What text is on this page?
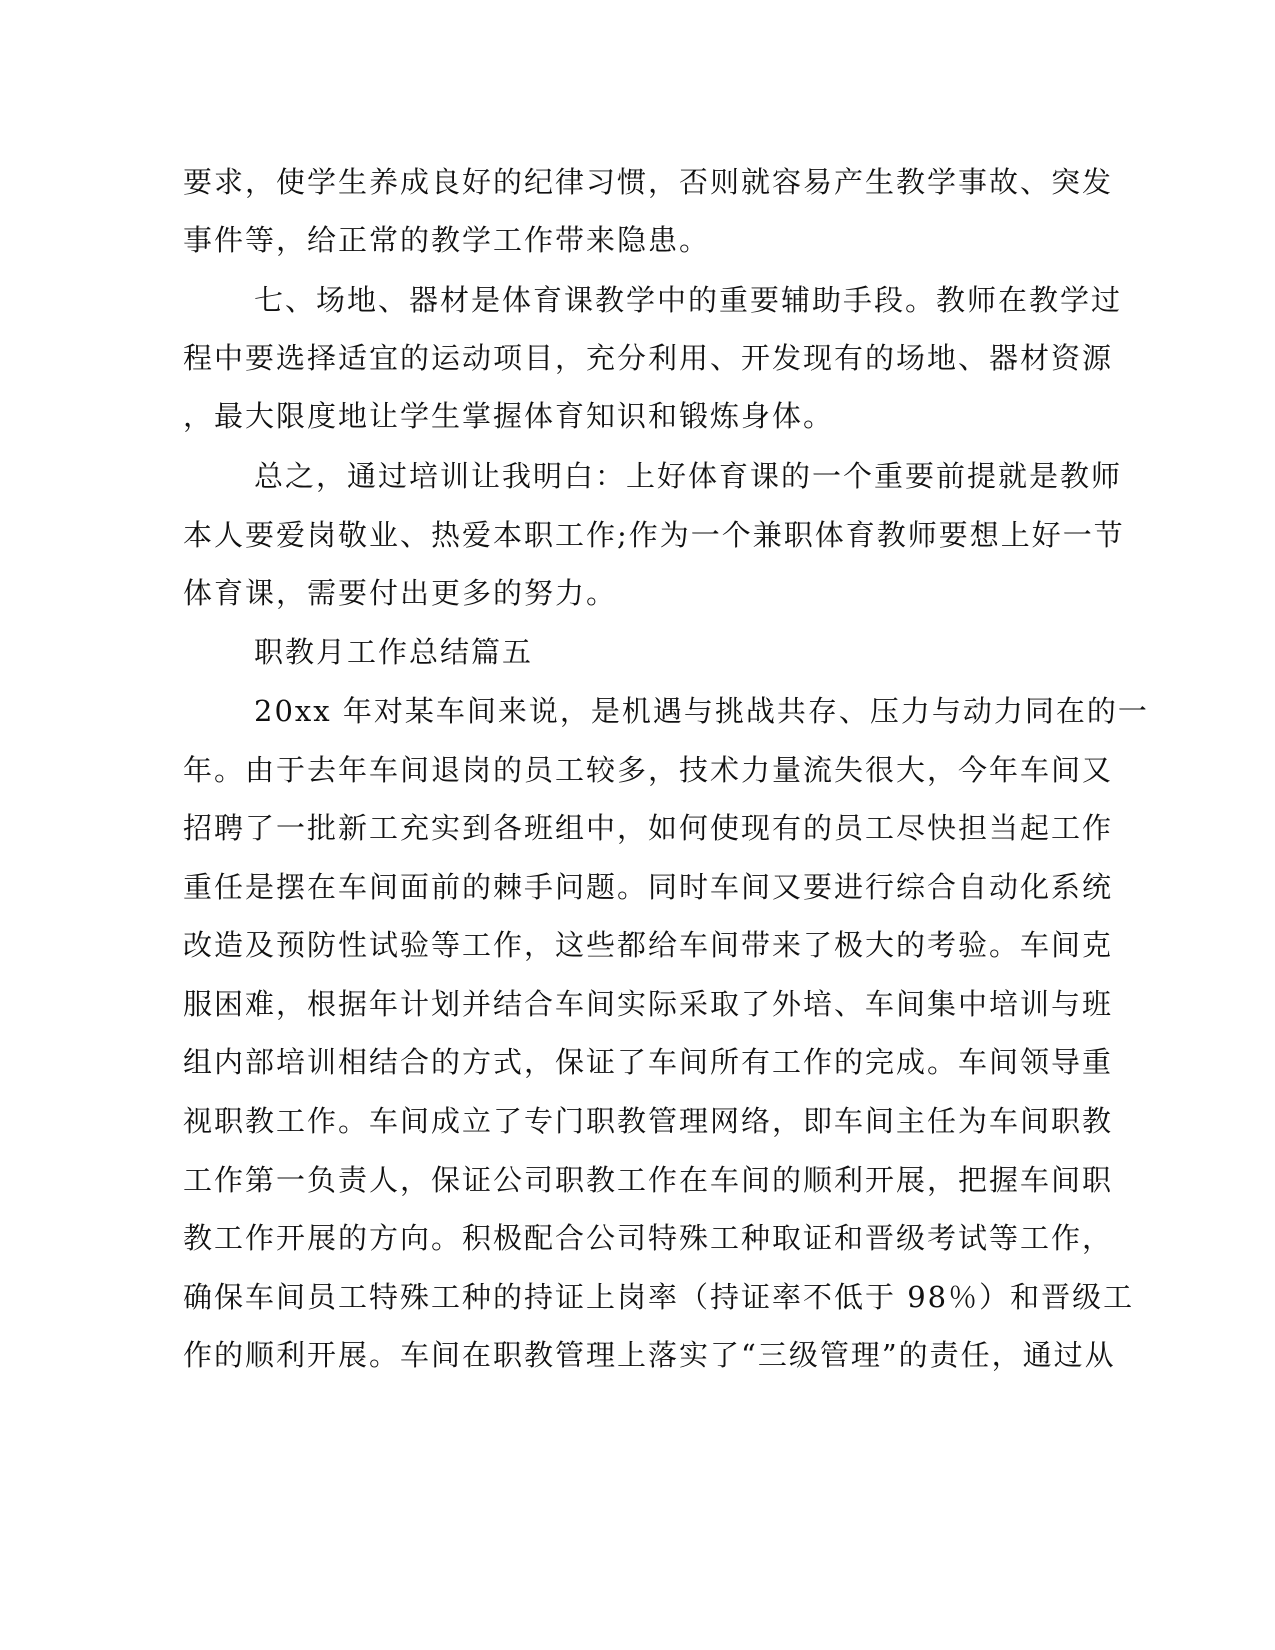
要求，使学生养成良好的纪律习惯，否则就容易产生教学事故、突发
事件等，给正常的教学工作带来隐患。
七、场地、器材是体育课教学中的重要辅助手段。教师在教学过
程中要选择适宜的运动项目，充分利用、开发现有的场地、器材资源
，最大限度地让学生掌握体育知识和锻炼身体。
总之，通过培训让我明白：上好体育课的一个重要前提就是教师
本人要爱岗敬业、热爱本职工作;作为一个兼职体育教师要想上好一节
体育课，需要付出更多的努力。
职教月工作总结篇五
20xx 年对某车间来说，是机遇与挑战共存、压力与动力同在的一
年。由于去年车间退岗的员工较多，技术力量流失很大，今年车间又
招聘了一批新工充实到各班组中，如何使现有的员工尽快担当起工作
重任是摆在车间面前的棘手问题。同时车间又要进行综合自动化系统
改造及预防性试验等工作，这些都给车间带来了极大的考验。车间克
服困难，根据年计划并结合车间实际采取了外培、车间集中培训与班
组内部培训相结合的方式，保证了车间所有工作的完成。车间领导重
视职教工作。车间成立了专门职教管理网络，即车间主任为车间职教
工作第一负责人，保证公司职教工作在车间的顺利开展，把握车间职
教工作开展的方向。积极配合公司特殊工种取证和晋级考试等工作，
确保车间员工特殊工种的持证上岗率（持证率不低于 98％）和晋级工
作的顺利开展。车间在职教管理上落实了“三级管理”的责任，通过从
